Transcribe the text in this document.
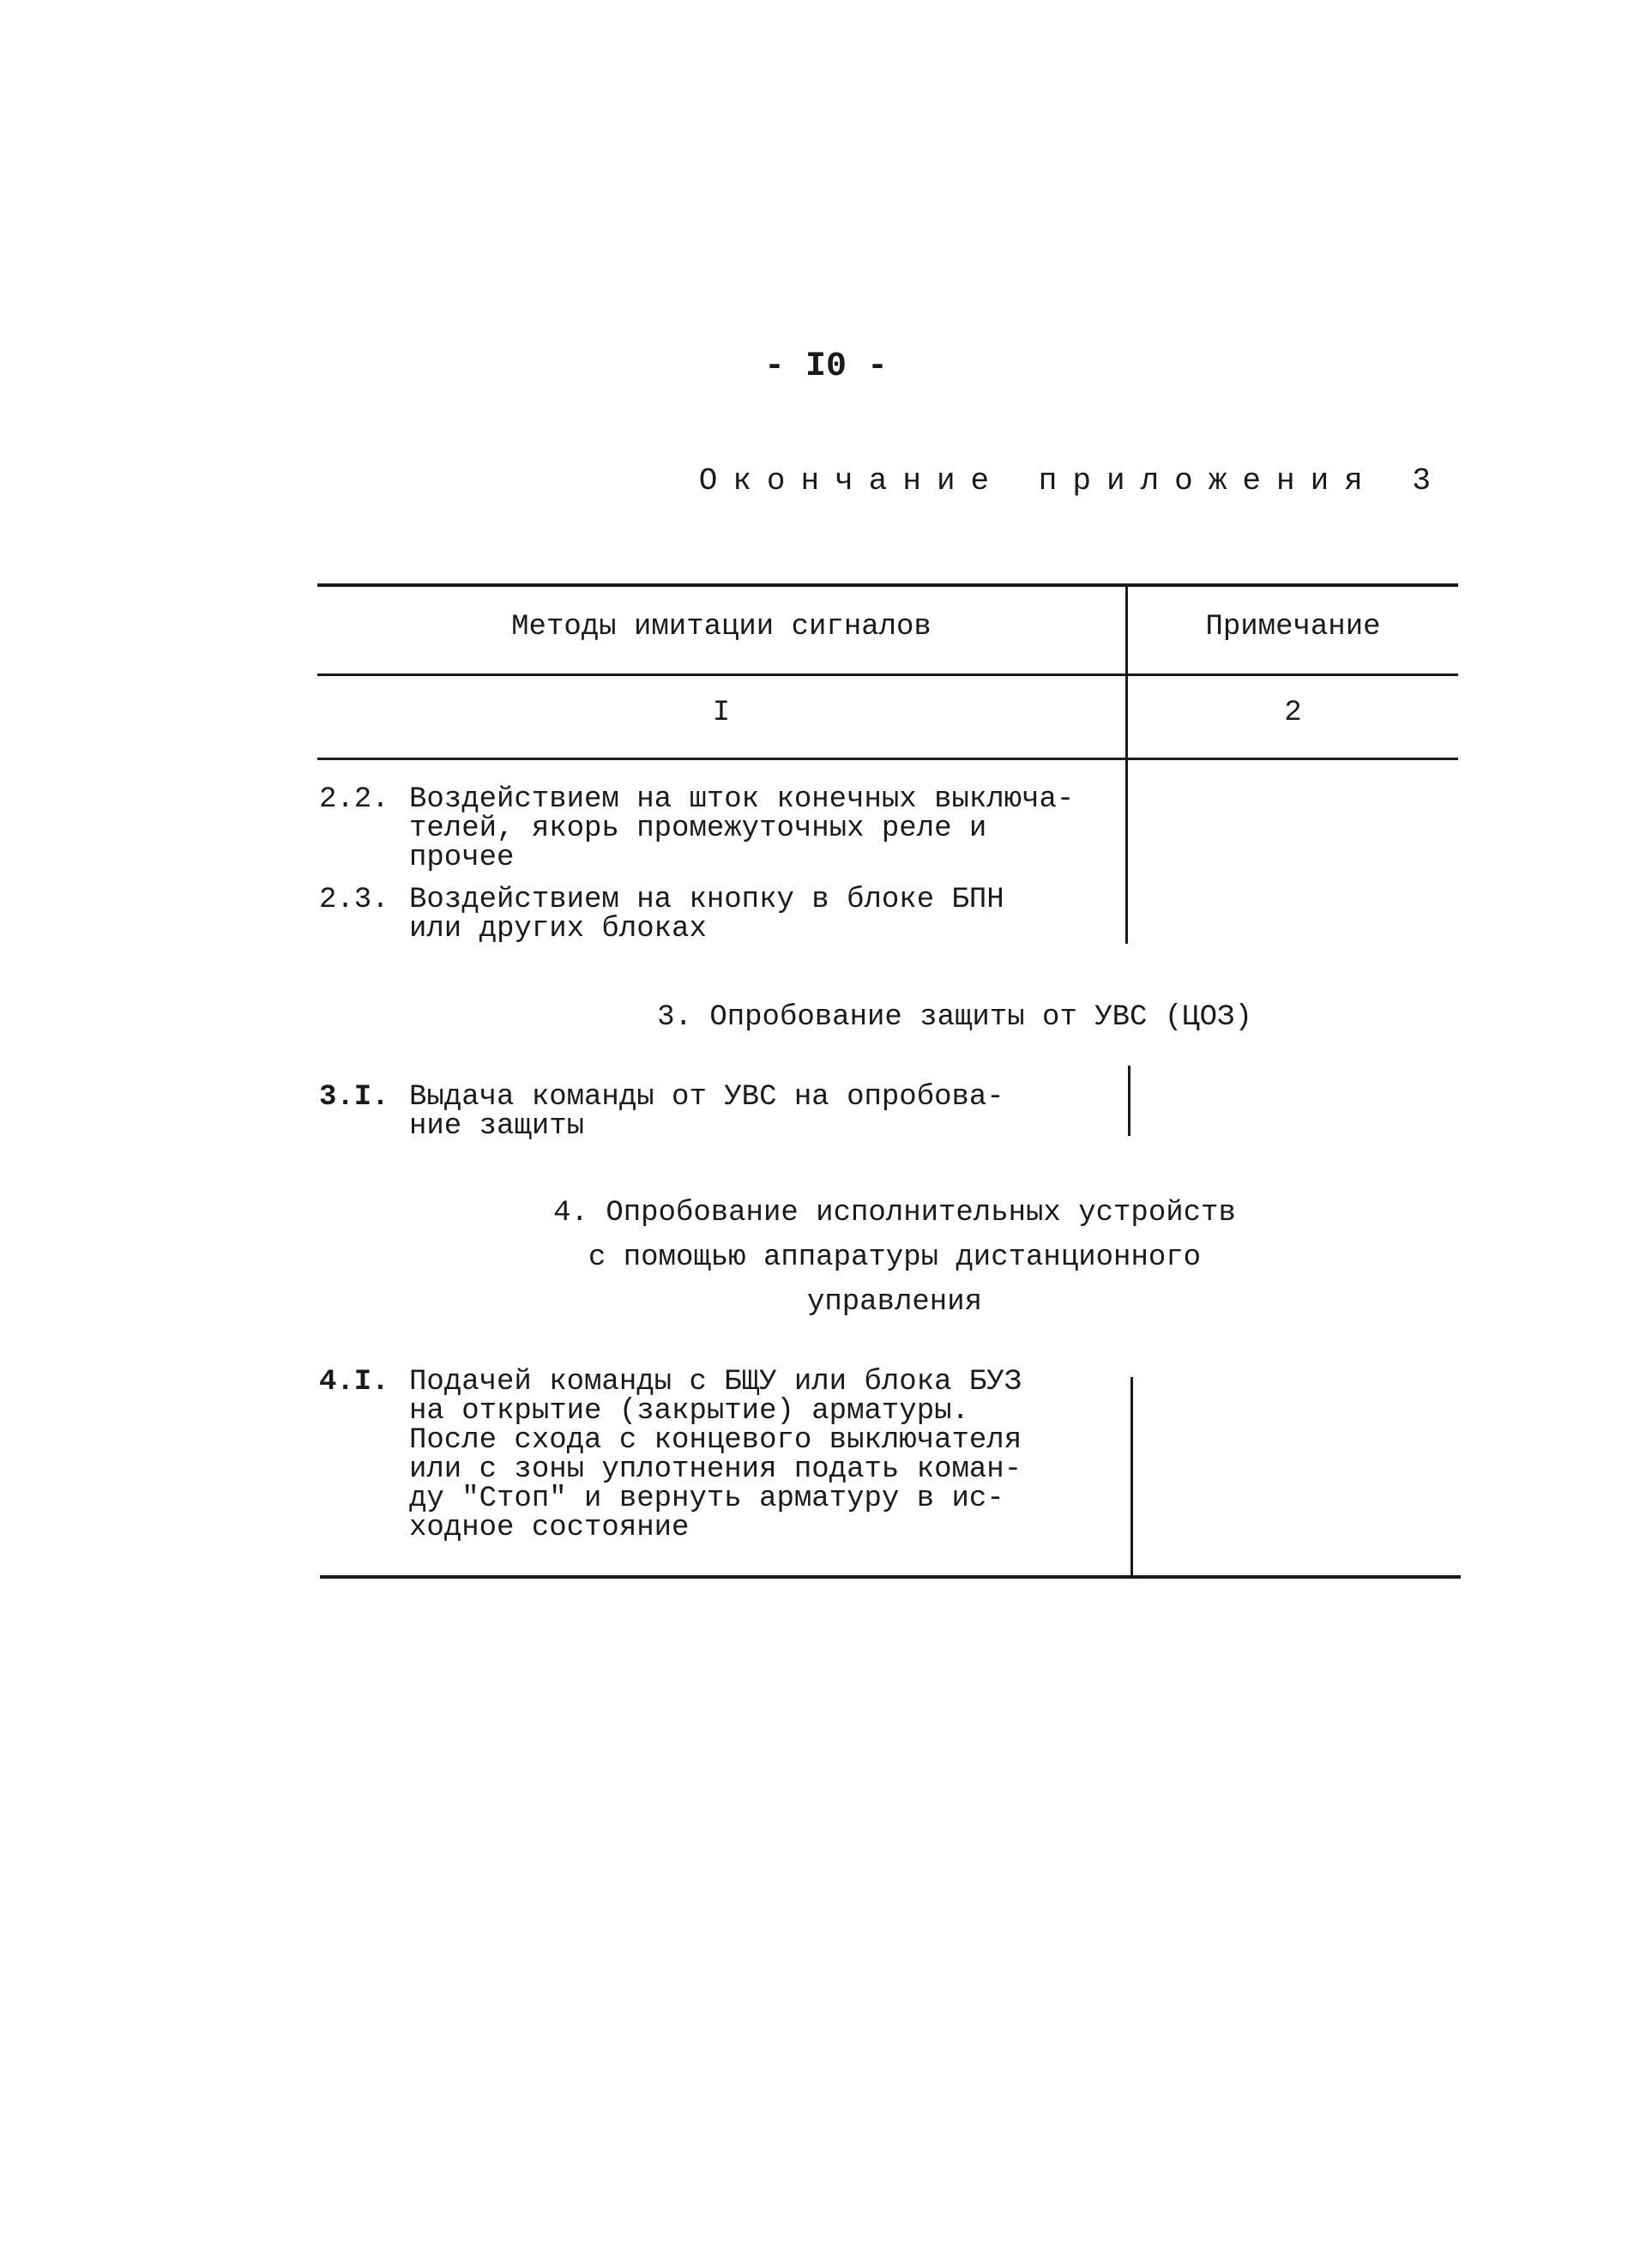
- I0 -
Окончание приложения 3
Методы имитации сигналов	Примечание
I	2
2.2. Воздействием на шток конечных выключа-
телей, якорь промежуточных реле и
прочее
2.3. Воздействием на кнопку в блоке БПН
или других блоках
3. Опробование защиты от УВС (ЦОЗ)
3.I. Выдача команды от УВС на опробова-
ние защиты
4. Опробование исполнительных устройств
с помощью аппаратуры дистанционного
управления
4.I. Подачей команды с БЩУ или блока БУЗ
на открытие (закрытие) арматуры.
После схода с концевого выключателя
или с зоны уплотнения подать коман-
ду "Стоп" и вернуть арматуру в ис-
ходное состояние
